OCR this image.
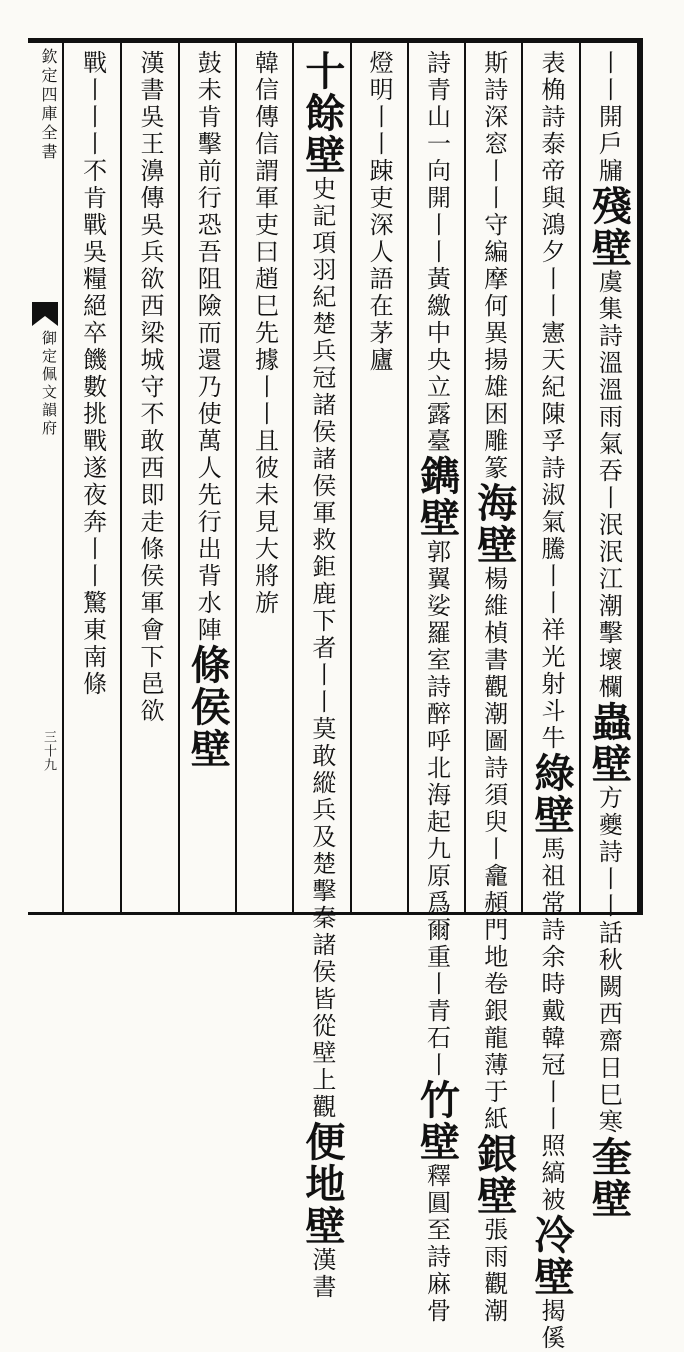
欽定四庫全書
御定佩文韻府
三十九
丨丨開戶牖殘壁虞集詩溫溫雨氣吞丨泯泯江潮擊壞欄蟲壁方夔詩丨丨話秋闕西齋日巳寒奎壁
表桷詩泰帝與鴻夕丨丨憲天紀陳孚詩淑氣騰丨丨祥光射斗牛綠壁馬祖常詩余時戴韓冠丨丨照縞被冷壁揭傒
斯詩深窓丨丨守編摩何異揚雄困雕篆海壁楊維楨書觀潮圖詩須臾丨龕頳門地卷銀龍薄于紙銀壁張雨觀潮
詩青山一向開丨丨黃繳中央立露臺鐫壁郭翼娑羅室詩醉呼北海起九原爲爾重丨青石丨竹壁釋圓至詩麻骨
燈明丨丨踈吏深人語在茅廬
十餘壁史記項羽紀楚兵冠諸侯諸侯軍救鉅鹿下者丨丨莫敢縱兵及楚擊秦諸侯皆從壁上觀便地壁漢書
韓信傳信謂軍吏曰趙巳先據丨丨且彼未見大將旂
鼓未肯擊前行恐吾阻險而還乃使萬人先行出背水陣條侯壁
漢書吳王濞傳吳兵欲西梁城守不敢西即走條侯軍會下邑欲
戰丨丨丨不肯戰吳糧絕卒饑數挑戰遂夜奔丨丨驚東南條
